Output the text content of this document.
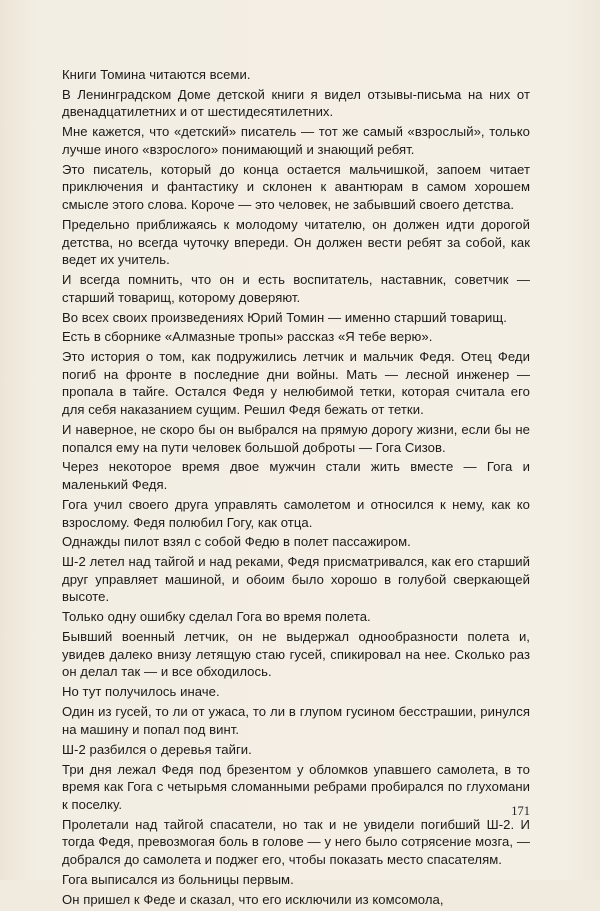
Книги Томина читаются всеми.

В Ленинградском Доме детской книги я видел отзывы-письма на них от двенадцатилетних и от шестидесятилетних.

Мне кажется, что «детский» писатель — тот же самый «взрослый», только лучше иного «взрослого» понимающий и знающий ребят.

Это писатель, который до конца остается мальчишкой, запоем читает приключения и фантастику и склонен к авантюрам в самом хорошем смысле этого слова. Короче — это человек, не забывший своего детства.

Предельно приближаясь к молодому читателю, он должен идти дорогой детства, но всегда чуточку впереди. Он должен вести ребят за собой, как ведет их учитель.

И всегда помнить, что он и есть воспитатель, наставник, советчик — старший товарищ, которому доверяют.

Во всех своих произведениях Юрий Томин — именно старший товарищ.

Есть в сборнике «Алмазные тропы» рассказ «Я тебе верю».

Это история о том, как подружились летчик и мальчик Федя. Отец Феди погиб на фронте в последние дни войны. Мать — лесной инженер — пропала в тайге. Остался Федя у нелюбимой тетки, которая считала его для себя наказанием сущим. Решил Федя бежать от тетки.

И наверное, не скоро бы он выбрался на прямую дорогу жизни, если бы не попался ему на пути человек большой доброты — Гога Сизов.

Через некоторое время двое мужчин стали жить вместе — Гога и маленький Федя.

Гога учил своего друга управлять самолетом и относился к нему, как ко взрослому. Федя полюбил Гогу, как отца.

Однажды пилот взял с собой Федю в полет пассажиром.

Ш-2 летел над тайгой и над реками, Федя присматривался, как его старший друг управляет машиной, и обоим было хорошо в голубой сверкающей высоте.

Только одну ошибку сделал Гога во время полета.

Бывший военный летчик, он не выдержал однообразности полета и, увидев далеко внизу летящую стаю гусей, спикировал на нее. Сколько раз он делал так — и все обходилось.

Но тут получилось иначе.

Один из гусей, то ли от ужаса, то ли в глупом гусином бесстрашии, ринулся на машину и попал под винт.

Ш-2 разбился о деревья тайги.

Три дня лежал Федя под брезентом у обломков упавшего самолета, в то время как Гога с четырьмя сломанными ребрами пробирался по глухомани к поселку.

Пролетали над тайгой спасатели, но так и не увидели погибший Ш-2. И тогда Федя, превозмогая боль в голове — у него было сотрясение мозга, — добрался до самолета и поджег его, чтобы показать место спасателям.

Гога выписался из больницы первым.

Он пришел к Феде и сказал, что его исключили из комсомола,

171
